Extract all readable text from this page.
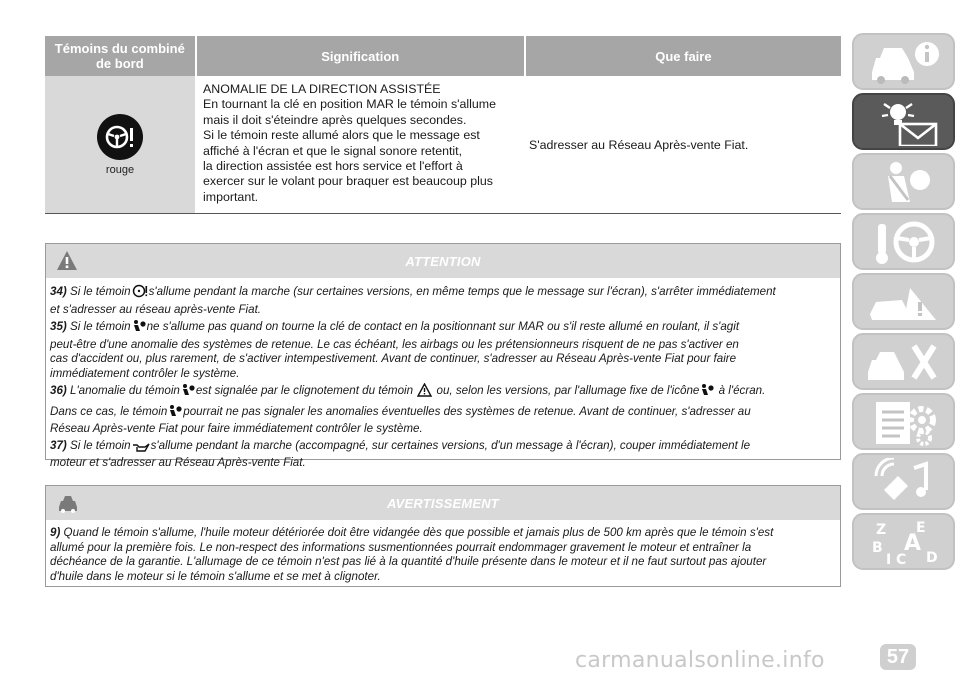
Témoins du combiné
de bord	Signification	Que faire
rouge

ANOMALIE DE LA DIRECTION ASSISTÉE

En tournant la clé en position MAR le témoin s'allume

mais il doit s'éteindre après quelques secondes.

Si le témoin reste allumé alors que le message est

affiché à l'écran et que le signal sonore retentit,

la direction assistée est hors service et l'effort à

exercer sur le volant pour braquer est beaucoup plus

important.

S'adresser au Réseau Après-vente Fiat.
ATTENTION

34) Si le témoin s'allume pendant la marche (sur certaines versions, en même temps que le message sur l'écran), s'arrêter immédiatement
et s'adresser au réseau après-vente Fiat.

35) Si le témoin ne s'allume pas quand on tourne la clé de contact en la positionnant sur MAR ou s'il reste allumé en roulant, il s'agit
peut-être d'une anomalie des systèmes de retenue. Le cas échéant, les airbags ou les prétensionneurs risquent de ne pas s'activer en
cas d'accident ou, plus rarement, de s'activer intempestivement. Avant de continuer, s'adresser au Réseau Après-vente Fiat pour faire
immédiatement contrôler le système.

36) L'anomalie du témoin est signalée par le clignotement du témoin ou, selon les versions, par l'allumage fixe de l'icône à l'écran.

Dans ce cas, le témoin pourrait ne pas signaler les anomalies éventuelles des systèmes de retenue. Avant de continuer, s'adresser au
Réseau Après-vente Fiat pour faire immédiatement contrôler le système.

37) Si le témoin s'allume pendant la marche (accompagné, sur certaines versions, d'un message à l'écran), couper immédiatement le
moteur et s'adresser au Réseau Après-vente Fiat.

AVERTISSEMENT

9) Quand le témoin s'allume, l'huile moteur détériorée doit être vidangée dès que possible et jamais plus de 500 km après que le témoin s'est
allumé pour la première fois. Le non-respect des informations susmentionnées pourrait endommager gravement le moteur et entraîner la
déchéance de la garantie. L'allumage de ce témoin n'est pas lié à la quantité d'huile présente dans le moteur et il ne faut surtout pas ajouter
d'huile dans le moteur si le témoin s'allume et se met à clignoter.

Z E
B A
I C D
57
carmanualsonline.info
